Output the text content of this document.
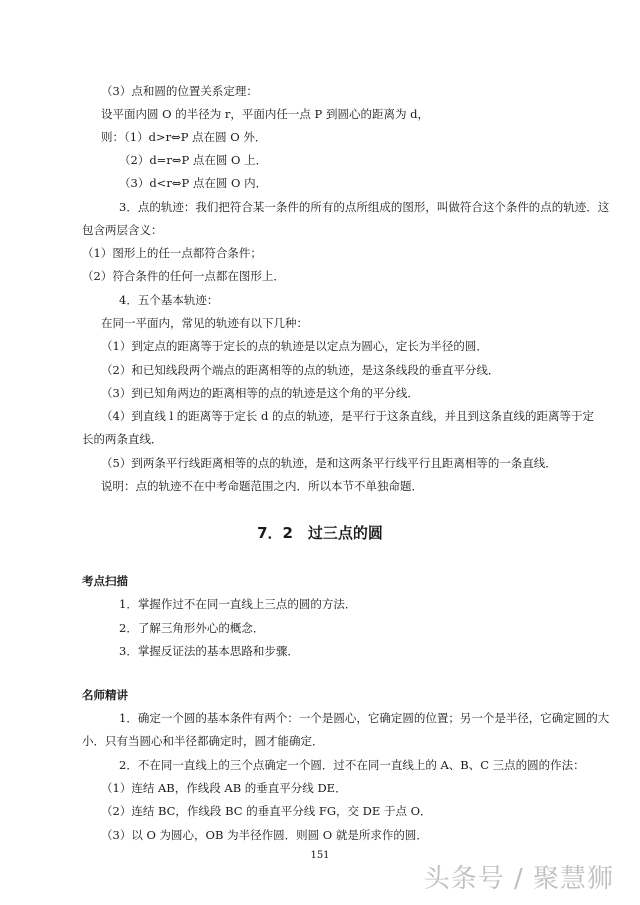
（3）点和圆的位置关系定理：
设平面内圆 O 的半径为 r，平面内任一点 P 到圆心的距离为 d，
则：（1）d>r⇔P 点在圆 O 外．
（2）d=r⇔P 点在圆 O 上．
（3）d<r⇔P 点在圆 O 内．
3．点的轨迹：我们把符合某一条件的所有的点所组成的图形，叫做符合这个条件的点的轨迹．这
包含两层含义：
（1）图形上的任一点都符合条件；
（2）符合条件的任何一点都在图形上．
4．五个基本轨迹：
在同一平面内，常见的轨迹有以下几种：
（1）到定点的距离等于定长的点的轨迹是以定点为圆心，定长为半径的圆．
（2）和已知线段两个端点的距离相等的点的轨迹，是这条线段的垂直平分线．
（3）到已知角两边的距离相等的点的轨迹是这个角的平分线．
（4）到直线 l 的距离等于定长 d 的点的轨迹，是平行于这条直线，并且到这条直线的距离等于定
长的两条直线．
（5）到两条平行线距离相等的点的轨迹，是和这两条平行线平行且距离相等的一条直线．
说明：点的轨迹不在中考命题范围之内．所以本节不单独命题．
7．2　过三点的圆
考点扫描
1．掌握作过不在同一直线上三点的圆的方法．
2．了解三角形外心的概念．
3．掌握反证法的基本思路和步骤．
名师精讲
1．确定一个圆的基本条件有两个：一个是圆心，它确定圆的位置；另一个是半径，它确定圆的大
小．只有当圆心和半径都确定时，圆才能确定．
2．不在同一直线上的三个点确定一个圆．过不在同一直线上的 A、B、C 三点的圆的作法：
（1）连结 AB，作线段 AB 的垂直平分线 DE．
（2）连结 BC，作线段 BC 的垂直平分线 FG，交 DE 于点 O．
（3）以 O 为圆心，OB 为半径作圆．则圆 O 就是所求作的圆．
151
头条号 / 聚慧狮
